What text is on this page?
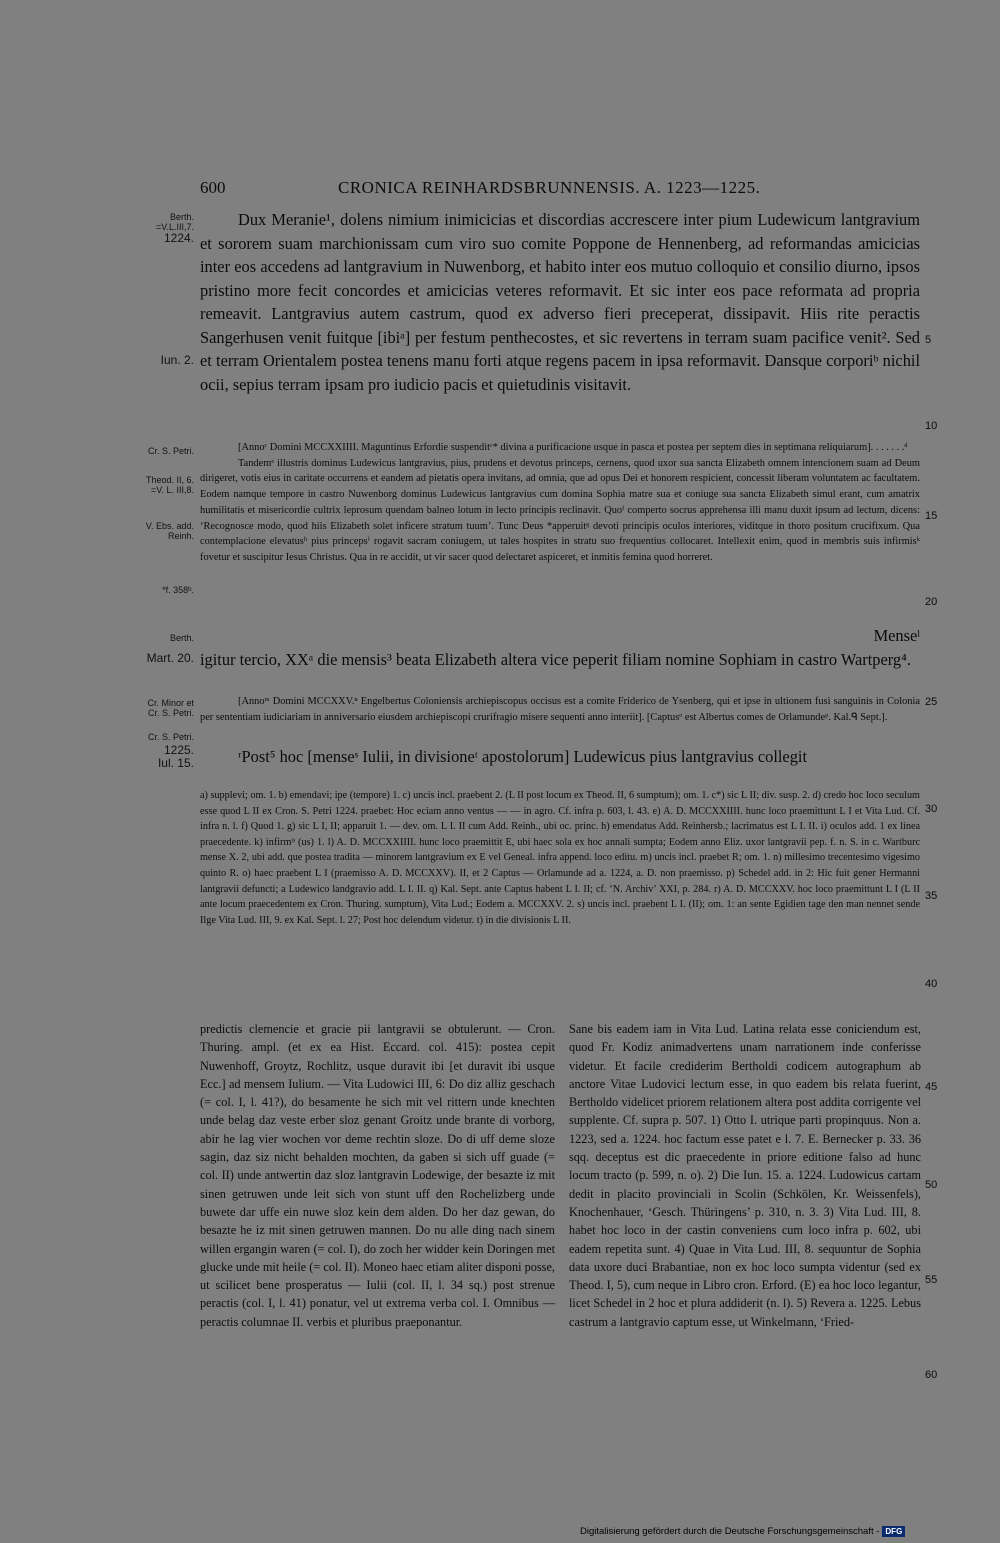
600	CRONICA REINHARDSBRUNNENSIS. A. 1223—1225.
Berth.
=V.L.III,7.
1224.
Iun. 2.
Cr. S. Petri.
Theod. II, 6.
=V. L. III,8.
V. Ebs. add.
Reinh.
*f. 358ᵇ.
Berth.
Mart. 20.
Cr. Minor et
Cr. S. Petri.
Cr. S. Petri.
1225.
Iul. 15.
5
10
15
20
25
30
35
40
45
50
55
60

Dux Meranie¹, dolens nimium inimicicias et discordias accrescere inter pium Ludewicum lantgravium et sororem suam marchionissam cum viro suo comite Poppone de Hennenberg, ad reformandas amicicias inter eos accedens ad lantgravium in Nuwenborg, et habito inter eos mutuo colloquio et consilio diurno, ipsos pristino more fecit concordes et amicicias veteres reformavit. Et sic inter eos pace reformata ad propria remeavit. Lantgravius autem castrum, quod ex adverso fieri preceperat, dissipavit. Hiis rite peractis Sangerhusen venit fuitque [ibiᵃ] per festum penthecostes, et sic revertens in terram suam pacifice venit². Sed et terram Orientalem postea tenens manu forti atque regens pacem in ipsa reformavit. Dansque corporiᵇ nichil ocii, sepius terram ipsam pro iudicio pacis et quietudinis visitavit.

[Annoᶜ Domini MCCXXIIII. Maguntinus Erfordie suspenditᶜ* divina a purificacione usque in pasca et postea per septem dies in septimana reliquiarum]. . . . . . .ᵈ

Tandemᵉ illustris dominus Ludewicus lantgravius, pius, prudens et devotus princeps, cernens, quod uxor sua sancta Elizabeth omnem intencionem suam ad Deum dirigeret, votis eius in caritate occurrens et eandem ad pietatis opera invitans, ad omnia, que ad opus Dei et honorem respicient, concessit liberam voluntatem ac facultatem. Eodem namque tempore in castro Nuwenborg dominus Ludewicus lantgravius cum domina Sophia matre sua et coniuge sua sancta Elizabeth simul erant, cum amatrix humilitatis et misericordie cultrix leprosum quendam balneo lotum in lecto principis reclinavit. Quoᶠ comperto socrus apprehensa illi manu duxit ipsum ad lectum, dicens: ‘Recognosce modo, quod hiis Elizabeth solet inficere stratum tuum’. Tunc Deus *apperuitᵍ devoti principis oculos interiores, viditque in thoro positum crucifixum. Qua contemplacione elevatusʰ pius princepsⁱ rogavit sacram coniugem, ut tales hospites in stratu suo frequentius collocaret. Intellexit enim, quod in membris suis infirmisᵏ fovetur et suscipitur Iesus Christus. Qua in re accidit, ut vir sacer quod delectaret aspiceret, et inmitis femina quod horreret.

Menseˡ

igitur tercio, XXᵃ die mensis³ beata Elizabeth altera vice peperit filiam nomine Sophiam in castro Wartperg⁴.

[Annoᵐ Domini MCCXXV.ⁿ Engelbertus Coloniensis archiepiscopus occisus est a comite Friderico de Ysenberg, qui et ipse in ultionem fusi sanguinis in Colonia per sententiam iudiciariam in anniversario eiusdem archiepiscopi crurifragio misere sequenti anno interiit]. [Captusᵒ est Albertus comes de Orlamundeᵖ. Kal.ᑫ Sept.].

ʳPost⁵ hoc [menseˢ Iulii, in divisioneᵗ apostolorum] Ludewicus pius lantgravius collegit

a) supplevi; om. 1. b) emendavi; ipe (tempore) 1. c) uncis incl. praebent 2. (L II post locum ex Theod. II, 6 sumptum); om. 1. c*) sic L II; div. susp. 2. d) credo hoc loco seculum esse quod L II ex Cron. S. Petri 1224. praebet: Hoc eciam anno ventus — — in agro. Cf. infra p. 603, l. 43. e) A. D. MCCXXIIII. hunc loco praemittunt L I et Vita Lud. Cf. infra n. l. f) Quod 1. g) sic L I, II; apparuit 1. — dev. om. L I. II cum Add. Reinh., ubi oc. princ. h) emendatus Add. Reinhersb.; lacrimatus est L I. II. i) oculos add. 1 ex linea praecedente. k) infirm⁹ (us) 1. l) A. D. MCCXXIIII. hunc loco praemittit E, ubi haec sola ex hoc annali sumpta; Eodem anno Eliz. uxor lantgravii pep. f. n. S. in c. Wartburc mense X. 2, ubi add. que postea tradita — minorem lantgravium ex E vel Geneal. infra append. loco editu. m) uncis incl. praebet R; om. 1. n) millesimo trecentesimo vigesimo quinto R. o) haec praebent L I (praemisso A. D. MCCXXV). II, et 2 Captus — Orlamunde ad a. 1224, a. D. non praemisso. p) Schedel add. in 2: Hic fuit gener Hermanni lantgravii defuncti; a Ludewico landgravio add. L I. II. q) Kal. Sept. ante Captus habent L I. II; cf. ‘N. Archiv’ XXI, p. 284. r) A. D. MCCXXV. hoc loco praemittunt L I (L II ante locum praecedentem ex Cron. Thuring. sumptum), Vita Lud.; Eodem a. MCCXXV. 2. s) uncis incl. praebent L I. (II); om. 1: an sente Egidien tage den man nennet sende Ilge Vita Lud. III, 9. ex Kal. Sept. l. 27; Post hoc delendum videtur. t) in die divisionis L II.

predictis clemencie et gracie pii lantgravii se obtulerunt. — Cron. Thuring. ampl. (et ex ea Hist. Eccard. col. 415): postea cepit Nuwenhoff, Groytz, Rochlitz, usque duravit ibi [et duravit ibi usque Ecc.] ad mensem Iulium. — Vita Ludowici III, 6: Do diz alliz geschach (= col. I, l. 41?), do besamente he sich mit vel rittern unde knechten unde belag daz veste erber sloz genant Groitz unde brante di vorborg, abir he lag vier wochen vor deme rechtin sloze. Do di uff deme sloze sagin, daz siz nicht behalden mochten, da gaben si sich uff guade (= col. II) unde antwertin daz sloz lantgravin Lodewige, der besazte iz mit sinen getruwen unde leit sich von stunt uff den Rochelizberg unde buwete dar uffe ein nuwe sloz kein dem alden. Do her daz gewan, do besazte he iz mit sinen getruwen mannen. Do nu alle ding nach sinem willen ergangin waren (= col. I), do zoch her widder kein Doringen met glucke unde mit heile (= col. II). Moneo haec etiam aliter disponi posse, ut scilicet bene prosperatus — Iulii (col. II, l. 34 sq.) post strenue peractis (col. I, l. 41) ponatur, vel ut extrema verba col. I. Omnibus — peractis columnae II. verbis et pluribus praeponantur.

Sane bis eadem iam in Vita Lud. Latina relata esse coniciendum est, quod Fr. Kodiz animadvertens unam narrationem inde conferisse videtur. Et facile crediderim Bertholdi codicem autographum ab anctore Vitae Ludovici lectum esse, in quo eadem bis relata fuerint, Bertholdo videlicet priorem relationem altera post addita corrigente vel supplente. Cf. supra p. 507. 1) Otto I. utrique parti propinquus. Non a. 1223, sed a. 1224. hoc factum esse patet e l. 7. E. Bernecker p. 33. 36 sqq. deceptus est dic praecedente in priore editione falso ad hunc locum tracto (p. 599, n. o). 2) Die Iun. 15. a. 1224. Ludowicus cartam dedit in placito provinciali in Scolin (Schkölen, Kr. Weissenfels), Knochenhauer, ‘Gesch. Thüringens’ p. 310, n. 3. 3) Vita Lud. III, 8. habet hoc loco in der castin conveniens cum loco infra p. 602, ubi eadem repetita sunt. 4) Quae in Vita Lud. III, 8. sequuntur de Sophia data uxore duci Brabantiae, non ex hoc loco sumpta videntur (sed ex Theod. I, 5), cum neque in Libro cron. Erford. (E) ea hoc loco legantur, licet Schedel in 2 hoc et plura addiderit (n. l). 5) Revera a. 1225. Lebus castrum a lantgravio captum esse, ut Winkelmann, ‘Fried-

Digitalisierung gefördert durch die Deutsche Forschungsgemeinschaft - DFG
